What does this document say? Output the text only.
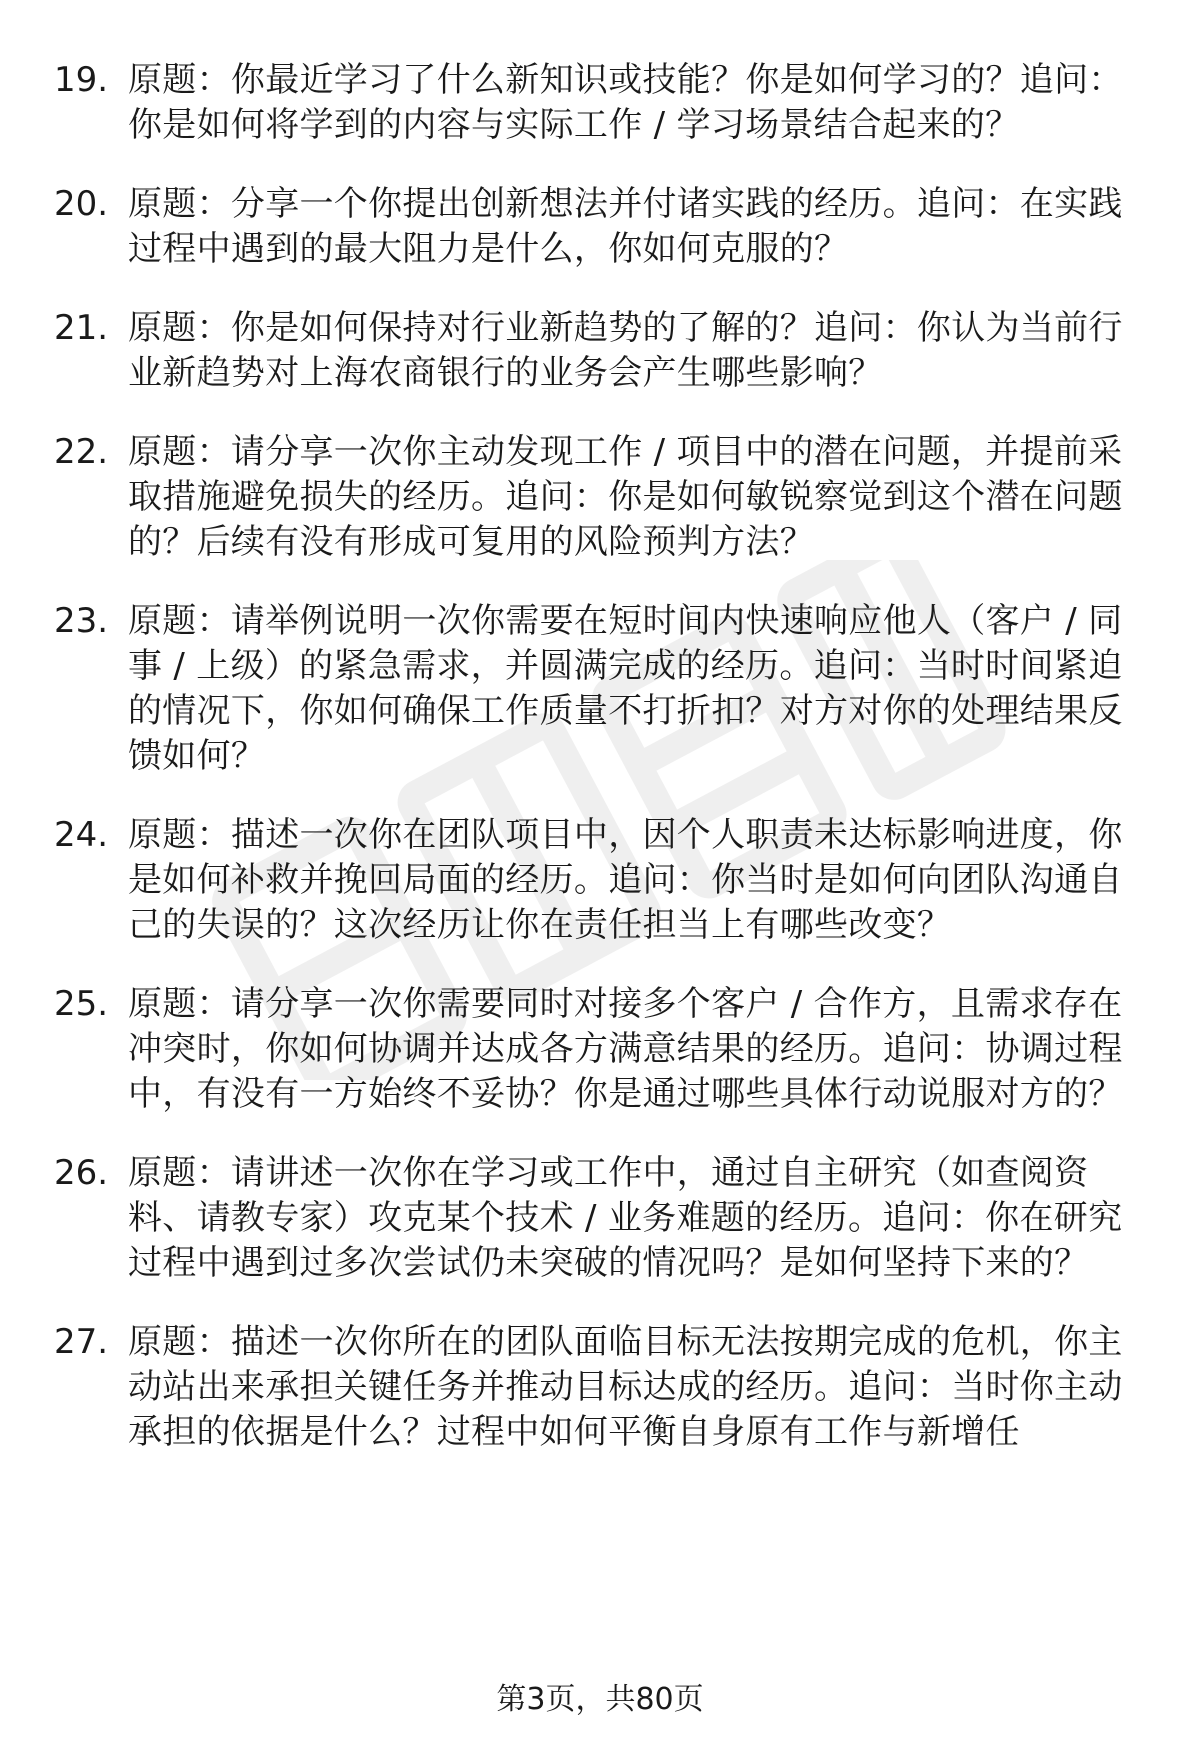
19. 原题：你最近学习了什么新知识或技能？你是如何学习的？追问：你是如何将学到的内容与实际工作 / 学习场景结合起来的？
20. 原题：分享一个你提出创新想法并付诸实践的经历。追问：在实践过程中遇到的最大阻力是什么，你如何克服的？
21. 原题：你是如何保持对行业新趋势的了解的？追问：你认为当前行业新趋势对上海农商银行的业务会产生哪些影响？
22. 原题：请分享一次你主动发现工作 / 项目中的潜在问题，并提前采取措施避免损失的经历。追问：你是如何敏锐察觉到这个潜在问题的？后续有没有形成可复用的风险预判方法？
23. 原题：请举例说明一次你需要在短时间内快速响应他人（客户 / 同事 / 上级）的紧急需求，并圆满完成的经历。追问：当时时间紧迫的情况下，你如何确保工作质量不打折扣？对方对你的处理结果反馈如何？
24. 原题：描述一次你在团队项目中，因个人职责未达标影响进度，你是如何补救并挽回局面的经历。追问：你当时是如何向团队沟通自己的失误的？这次经历让你在责任担当上有哪些改变？
25. 原题：请分享一次你需要同时对接多个客户 / 合作方，且需求存在冲突时，你如何协调并达成各方满意结果的经历。追问：协调过程中，有没有一方始终不妥协？你是通过哪些具体行动说服对方的？
26. 原题：请讲述一次你在学习或工作中，通过自主研究（如查阅资料、请教专家）攻克某个技术 / 业务难题的经历。追问：你在研究过程中遇到过多次尝试仍未突破的情况吗？是如何坚持下来的？
27. 原题：描述一次你所在的团队面临目标无法按期完成的危机，你主动站出来承担关键任务并推动目标达成的经历。追问：当时你主动承担的依据是什么？过程中如何平衡自身原有工作与新增任
第3页，共80页
